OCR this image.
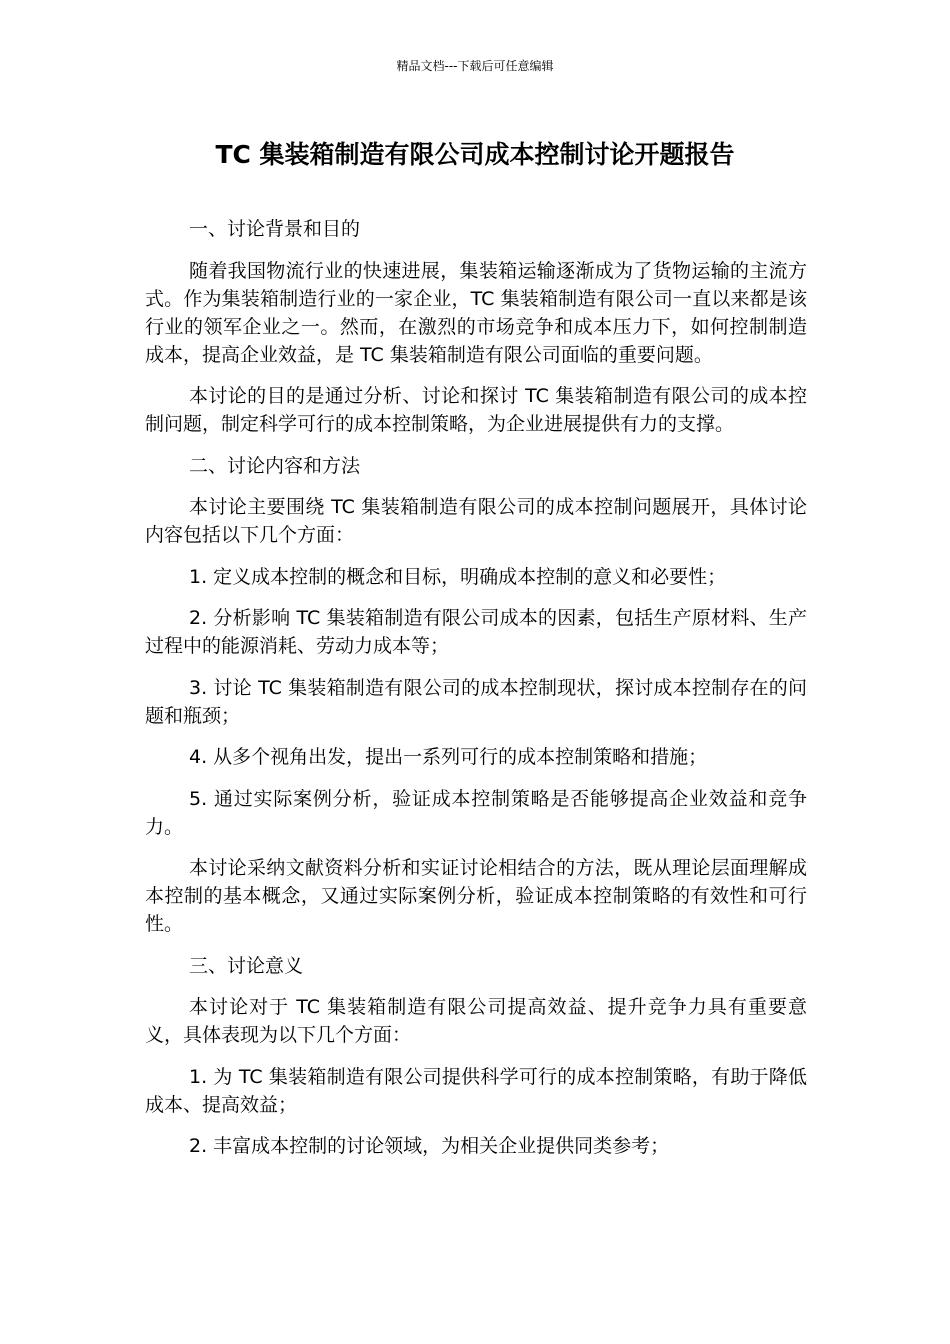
精品文档---下载后可任意编辑
TC 集装箱制造有限公司成本控制讨论开题报告

一、讨论背景和目的

随着我国物流行业的快速进展，集装箱运输逐渐成为了货物运输的主流方式。作为集装箱制造行业的一家企业，TC 集装箱制造有限公司一直以来都是该行业的领军企业之一。然而，在激烈的市场竞争和成本压力下，如何控制制造成本，提高企业效益，是 TC 集装箱制造有限公司面临的重要问题。

本讨论的目的是通过分析、讨论和探讨 TC 集装箱制造有限公司的成本控制问题，制定科学可行的成本控制策略，为企业进展提供有力的支撑。

二、讨论内容和方法

本讨论主要围绕 TC 集装箱制造有限公司的成本控制问题展开，具体讨论内容包括以下几个方面：

1. 定义成本控制的概念和目标，明确成本控制的意义和必要性；

2. 分析影响 TC 集装箱制造有限公司成本的因素，包括生产原材料、生产过程中的能源消耗、劳动力成本等；

3. 讨论 TC 集装箱制造有限公司的成本控制现状，探讨成本控制存在的问题和瓶颈；

4. 从多个视角出发，提出一系列可行的成本控制策略和措施；

5. 通过实际案例分析，验证成本控制策略是否能够提高企业效益和竞争力。

本讨论采纳文献资料分析和实证讨论相结合的方法，既从理论层面理解成本控制的基本概念，又通过实际案例分析，验证成本控制策略的有效性和可行性。

三、讨论意义

本讨论对于 TC 集装箱制造有限公司提高效益、提升竞争力具有重要意义，具体表现为以下几个方面：

1. 为 TC 集装箱制造有限公司提供科学可行的成本控制策略，有助于降低成本、提高效益；

2. 丰富成本控制的讨论领域，为相关企业提供同类参考；
